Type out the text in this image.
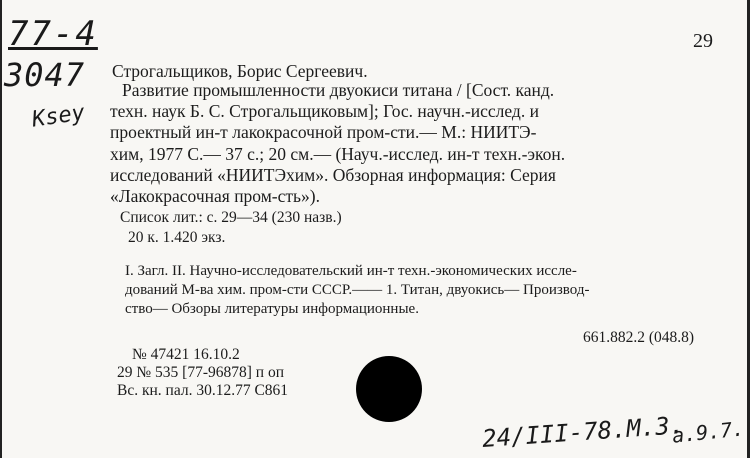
77-4
3047
Ksey
24/III-78.M.3.
a.9.7.
29
Строгальщиков, Борис Сергеевич.
Развитие промышленности двуокиси титана / [Сост. канд.
техн. наук Б. С. Строгальщиковым]; Гос. научн.-исслед. и
проектный ин-т лакокрасочной пром-сти.— М.: НИИТЭ-
хим, 1977 С.— 37 с.; 20 см.— (Науч.-исслед. ин-т техн.-экон.
исследований «НИИТЭхим». Обзорная информация: Серия
«Лакокрасочная пром-сть»).
Список лит.: с. 29—34 (230 назв.)
20 к. 1.420 экз.
I. Загл. II. Научно-исследовательский ин-т техн.-экономических иссле-
дований М-ва хим. пром-сти СССР.—— 1. Титан, двуокись— Производ-
ство— Обзоры литературы информационные.
661.882.2 (048.8)
№ 47421 16.10.2
29 № 535 [77-96878] п оп
Вс. кн. пал. 30.12.77 С861
